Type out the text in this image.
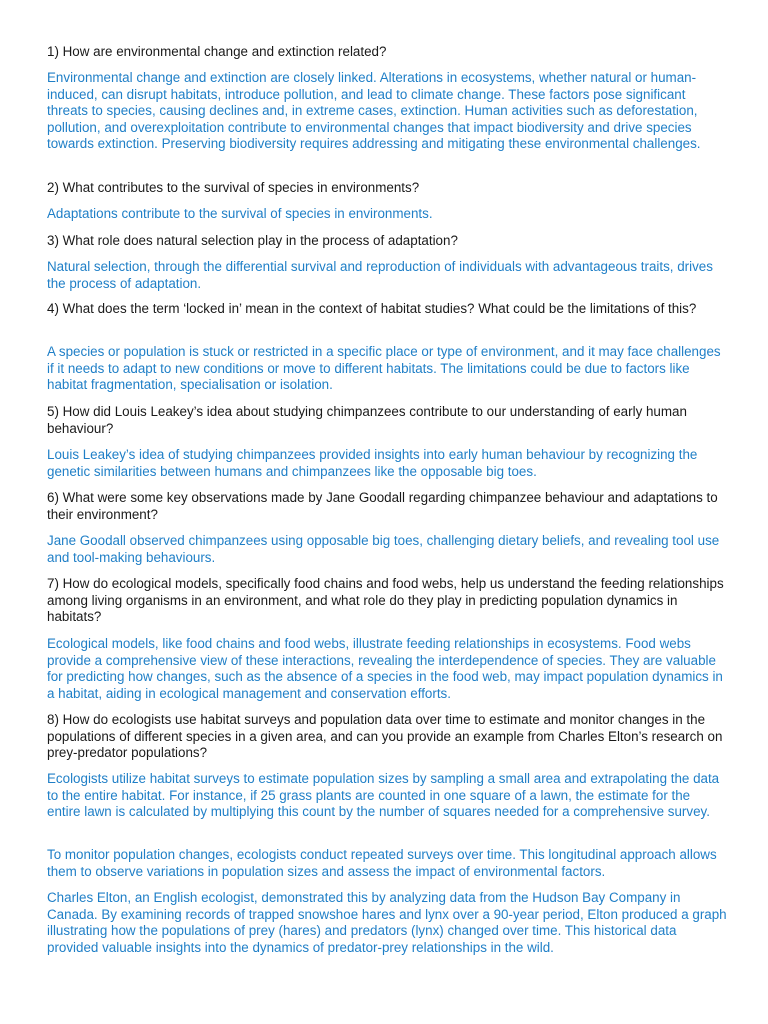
1) How are environmental change and extinction related?

Environmental change and extinction are closely linked. Alterations in ecosystems, whether natural or human-induced, can disrupt habitats, introduce pollution, and lead to climate change. These factors pose significant threats to species, causing declines and, in extreme cases, extinction. Human activities such as deforestation, pollution, and overexploitation contribute to environmental changes that impact biodiversity and drive species towards extinction. Preserving biodiversity requires addressing and mitigating these environmental challenges.

2) What contributes to the survival of species in environments?

Adaptations contribute to the survival of species in environments.

3) What role does natural selection play in the process of adaptation?

Natural selection, through the differential survival and reproduction of individuals with advantageous traits, drives the process of adaptation.

4) What does the term ‘locked in’ mean in the context of habitat studies? What could be the limitations of this?

A species or population is stuck or restricted in a specific place or type of environment, and it may face challenges if it needs to adapt to new conditions or move to different habitats. The limitations could be due to factors like habitat fragmentation, specialisation or isolation.

5) How did Louis Leakey’s idea about studying chimpanzees contribute to our understanding of early human behaviour?

Louis Leakey’s idea of studying chimpanzees provided insights into early human behaviour by recognizing the genetic similarities between humans and chimpanzees like the opposable big toes.

6) What were some key observations made by Jane Goodall regarding chimpanzee behaviour and adaptations to their environment?

Jane Goodall observed chimpanzees using opposable big toes, challenging dietary beliefs, and revealing tool use and tool-making behaviours.

7) How do ecological models, specifically food chains and food webs, help us understand the feeding relationships among living organisms in an environment, and what role do they play in predicting population dynamics in habitats?

Ecological models, like food chains and food webs, illustrate feeding relationships in ecosystems. Food webs provide a comprehensive view of these interactions, revealing the interdependence of species. They are valuable for predicting how changes, such as the absence of a species in the food web, may impact population dynamics in a habitat, aiding in ecological management and conservation efforts.

8) How do ecologists use habitat surveys and population data over time to estimate and monitor changes in the populations of different species in a given area, and can you provide an example from Charles Elton’s research on prey-predator populations?

Ecologists utilize habitat surveys to estimate population sizes by sampling a small area and extrapolating the data to the entire habitat. For instance, if 25 grass plants are counted in one square of a lawn, the estimate for the entire lawn is calculated by multiplying this count by the number of squares needed for a comprehensive survey.

To monitor population changes, ecologists conduct repeated surveys over time. This longitudinal approach allows them to observe variations in population sizes and assess the impact of environmental factors.

Charles Elton, an English ecologist, demonstrated this by analyzing data from the Hudson Bay Company in Canada. By examining records of trapped snowshoe hares and lynx over a 90-year period, Elton produced a graph illustrating how the populations of prey (hares) and predators (lynx) changed over time. This historical data provided valuable insights into the dynamics of predator-prey relationships in the wild.
